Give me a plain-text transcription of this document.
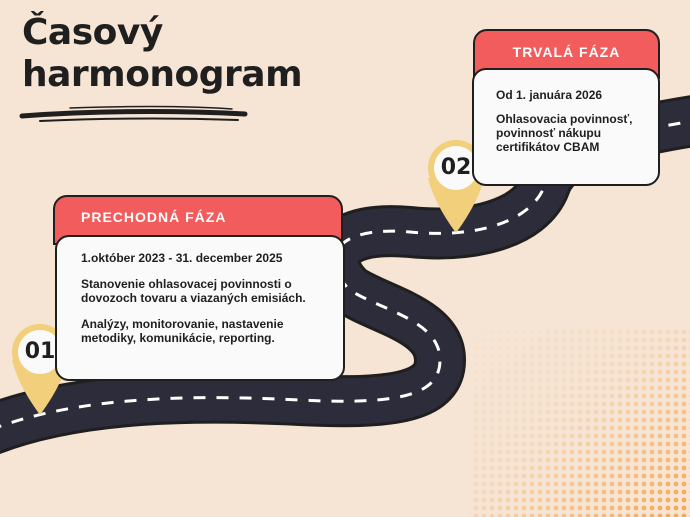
Časový
harmonogram
01
02
PRECHODNÁ FÁZA

1.október 2023 - 31. december 2025

Stanovenie ohlasovacej povinnosti o dovozoch tovaru a viazaných emisiách.

Analýzy, monitorovanie, nastavenie metodiky, komunikácie, reporting.

TRVALÁ FÁZA

Od 1. januára 2026

Ohlasovacia povinnosť, povinnosť nákupu certifikátov CBAM
